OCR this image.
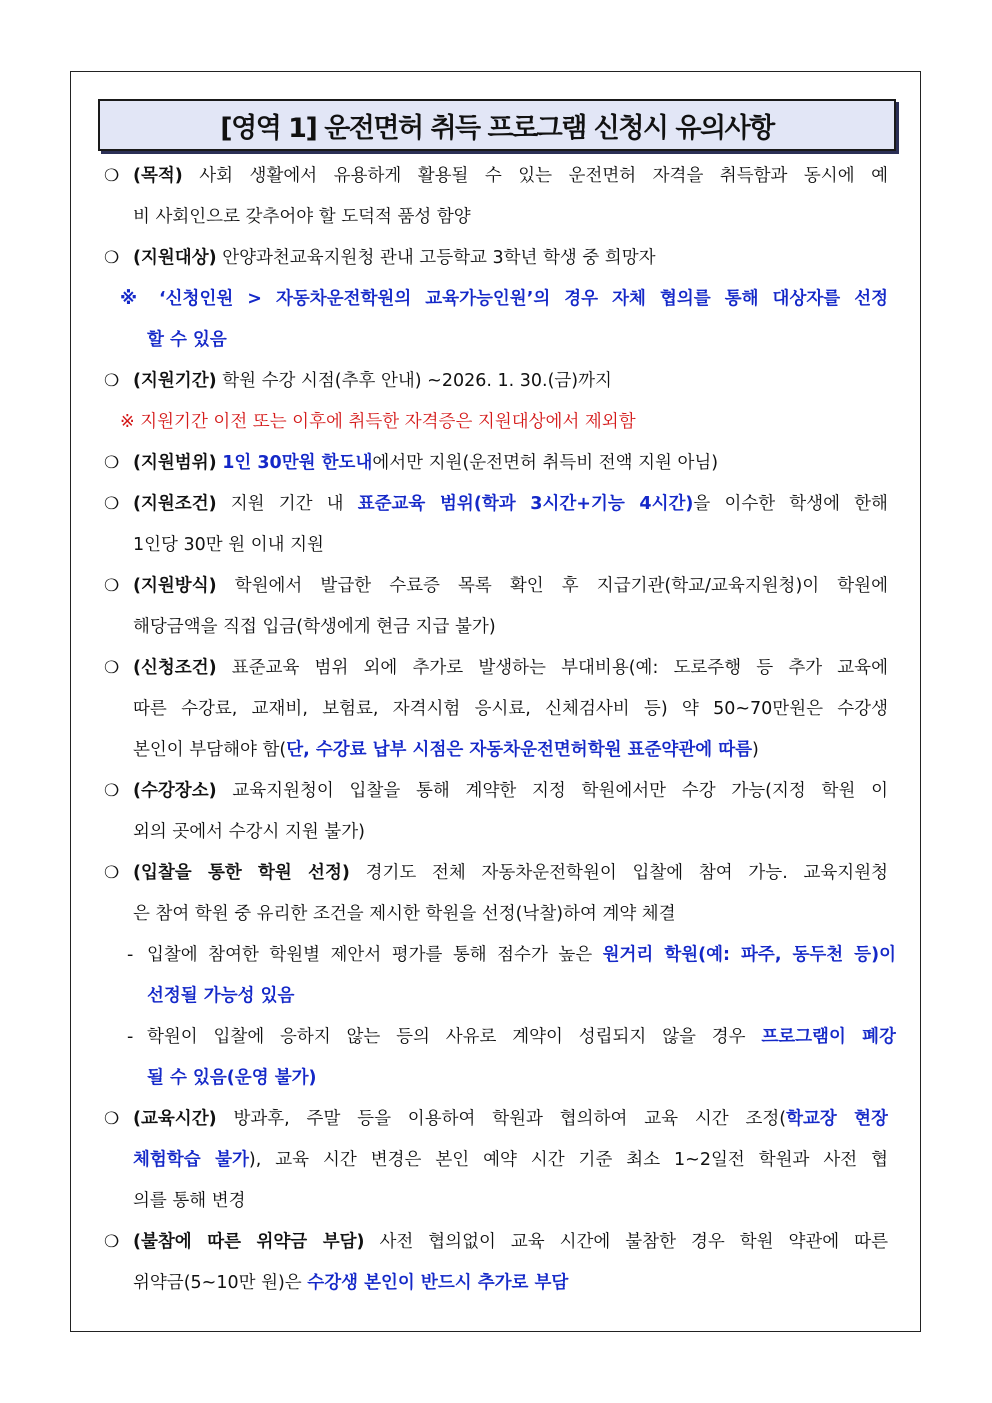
[영역 1] 운전면허 취득 프로그램 신청시 유의사항
❍ (목적) 사회 생활에서 유용하게 활용될 수 있는 운전면허 자격을 취득함과 동시에 예
비 사회인으로 갖추어야 할 도덕적 품성 함양
❍ (지원대상) 안양과천교육지원청 관내 고등학교 3학년 학생 중 희망자
※ ‘신청인원 > 자동차운전학원의 교육가능인원’의 경우 자체 협의를 통해 대상자를 선정
할 수 있음
❍ (지원기간) 학원 수강 시점(추후 안내) ~2026. 1. 30.(금)까지
※ 지원기간 이전 또는 이후에 취득한 자격증은 지원대상에서 제외함
❍ (지원범위) 1인 30만원 한도내에서만 지원(운전면허 취득비 전액 지원 아님)
❍ (지원조건) 지원 기간 내 표준교육 범위(학과 3시간+기능 4시간)을 이수한 학생에 한해
1인당 30만 원 이내 지원
❍ (지원방식) 학원에서 발급한 수료증 목록 확인 후 지급기관(학교/교육지원청)이 학원에
해당금액을 직접 입금(학생에게 현금 지급 불가)
❍ (신청조건) 표준교육 범위 외에 추가로 발생하는 부대비용(예: 도로주행 등 추가 교육에
따른 수강료, 교재비, 보험료, 자격시험 응시료, 신체검사비 등) 약 50~70만원은 수강생
본인이 부담해야 함(단, 수강료 납부 시점은 자동차운전면허학원 표준약관에 따름)
❍ (수강장소) 교육지원청이 입찰을 통해 계약한 지정 학원에서만 수강 가능(지정 학원 이
외의 곳에서 수강시 지원 불가)
❍ (입찰을 통한 학원 선정) 경기도 전체 자동차운전학원이 입찰에 참여 가능. 교육지원청
은 참여 학원 중 유리한 조건을 제시한 학원을 선정(낙찰)하여 계약 체결
- 입찰에 참여한 학원별 제안서 평가를 통해 점수가 높은 원거리 학원(예: 파주, 동두천 등)이
선정될 가능성 있음
- 학원이 입찰에 응하지 않는 등의 사유로 계약이 성립되지 않을 경우 프로그램이 폐강
될 수 있음(운영 불가)
❍ (교육시간) 방과후, 주말 등을 이용하여 학원과 협의하여 교육 시간 조정(학교장 현장
체험학습 불가), 교육 시간 변경은 본인 예약 시간 기준 최소 1~2일전 학원과 사전 협
의를 통해 변경
❍ (불참에 따른 위약금 부담) 사전 협의없이 교육 시간에 불참한 경우 학원 약관에 따른
위약금(5~10만 원)은 수강생 본인이 반드시 추가로 부담
